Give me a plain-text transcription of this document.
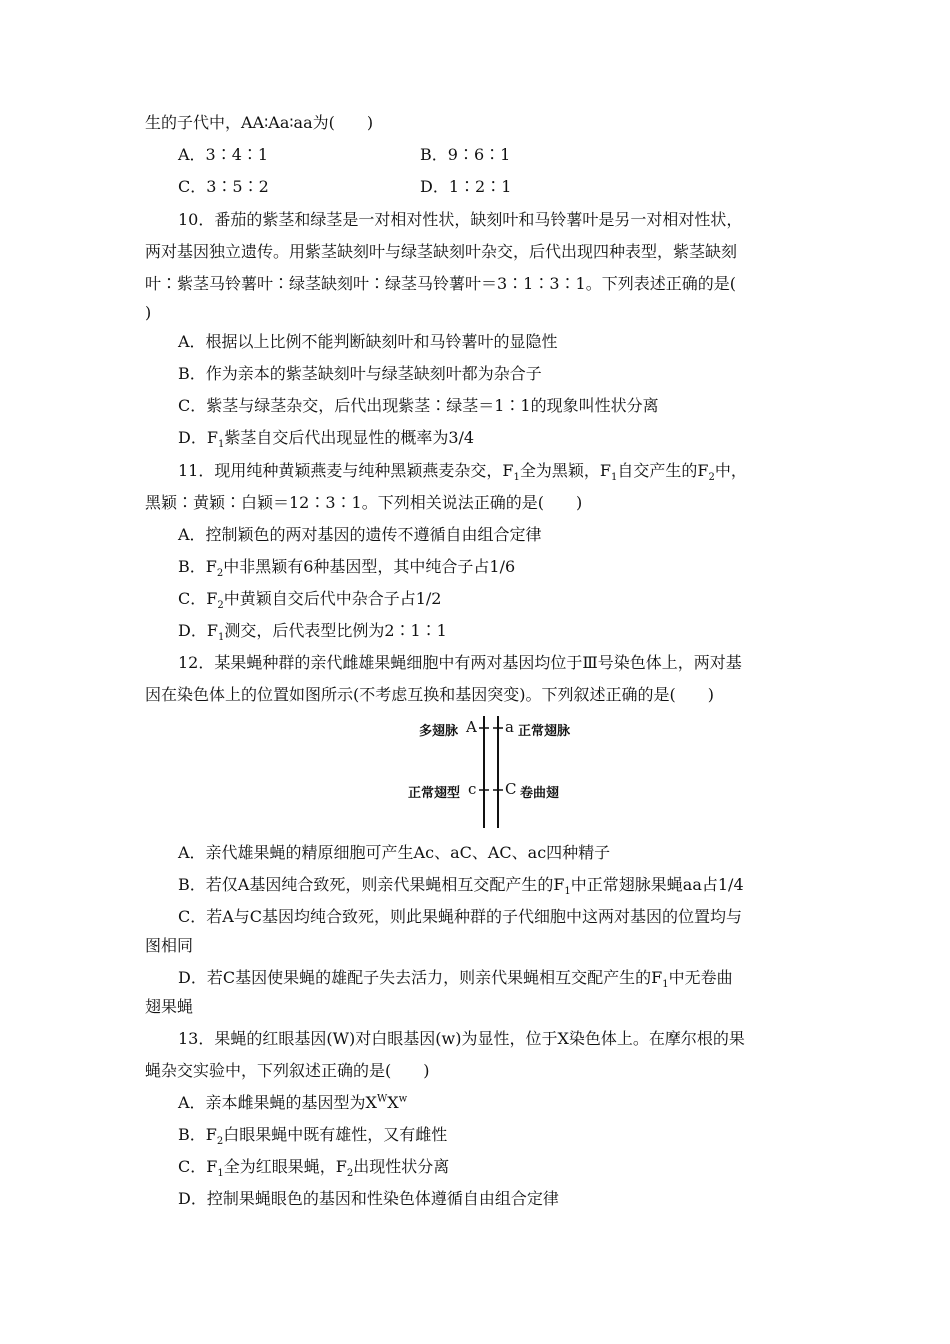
生的子代中，AA∶Aa∶aa为(　　)
A．3∶4∶1	B．9∶6∶1
C．3∶5∶2	D．1∶2∶1
10．番茄的紫茎和绿茎是一对相对性状，缺刻叶和马铃薯叶是另一对相对性状，
两对基因独立遗传。用紫茎缺刻叶与绿茎缺刻叶杂交，后代出现四种表型，紫茎缺刻
叶∶紫茎马铃薯叶∶绿茎缺刻叶∶绿茎马铃薯叶＝3∶1∶3∶1。下列表述正确的是(
)
A．根据以上比例不能判断缺刻叶和马铃薯叶的显隐性
B．作为亲本的紫茎缺刻叶与绿茎缺刻叶都为杂合子
C．紫茎与绿茎杂交，后代出现紫茎∶绿茎＝1∶1的现象叫性状分离
D．$F_1$紫茎自交后代出现显性的概率为3/4
11．现用纯种黄颖燕麦与纯种黑颖燕麦杂交，$F_1$全为黑颖，$F_1$自交产生的$F_2$中，
黑颖∶黄颖∶白颖＝12∶3∶1。下列相关说法正确的是(　　)
A．控制颖色的两对基因的遗传不遵循自由组合定律
B．$F_2$中非黑颖有6种基因型，其中纯合子占1/6
C．$F_2$中黄颖自交后代中杂合子占1/2
D．$F_1$测交，后代表型比例为2∶1∶1
12．某果蝇种群的亲代雌雄果蝇细胞中有两对基因均位于Ⅲ号染色体上，两对基
因在染色体上的位置如图所示(不考虑互换和基因突变)。下列叙述正确的是(　　)
多翅脉 A a 正常翅脉
正常翅型 c C 卷曲翅
A．亲代雄果蝇的精原细胞可产生Ac、aC、AC、ac四种精子
B．若仅A基因纯合致死，则亲代果蝇相互交配产生的$F_1$中正常翅脉果蝇aa占1/4
C．若A与C基因均纯合致死，则此果蝇种群的子代细胞中这两对基因的位置均与
图相同
D．若C基因使果蝇的雄配子失去活力，则亲代果蝇相互交配产生的$F_1$中无卷曲
翅果蝇
13．果蝇的红眼基因(W)对白眼基因(w)为显性，位于X染色体上。在摩尔根的果
蝇杂交实验中，下列叙述正确的是(　　)
A．亲本雌果蝇的基因型为$X^WX^w$
B．$F_2$白眼果蝇中既有雄性，又有雌性
C．$F_1$全为红眼果蝇，$F_2$出现性状分离
D．控制果蝇眼色的基因和性染色体遵循自由组合定律
